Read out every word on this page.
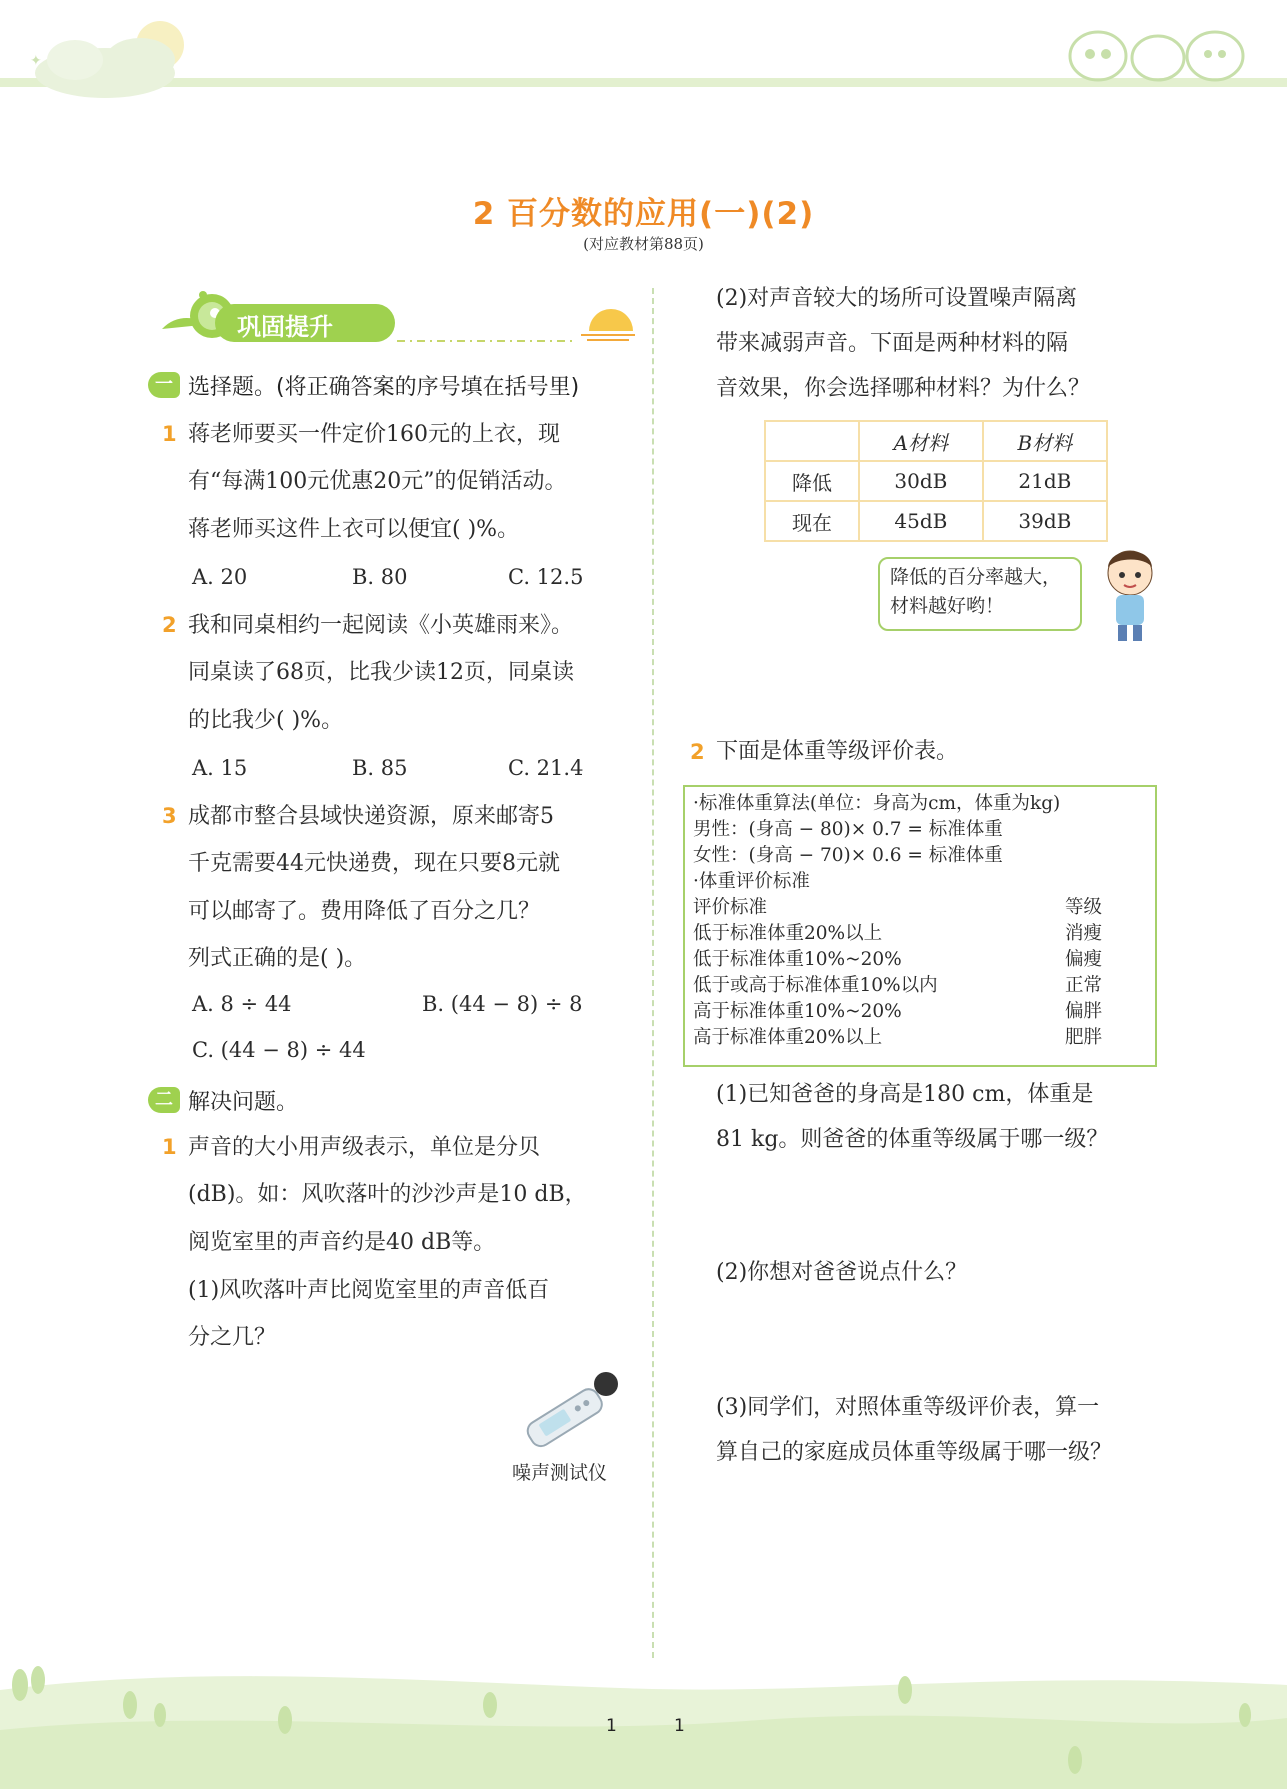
✦
2 百分数的应用(一)(2)
(对应教材第88页)
巩固提升
一 选择题。(将正确答案的序号填在括号里)
1 蒋老师要买一件定价160元的上衣，现
有“每满100元优惠20元”的促销活动。
蒋老师买这件上衣可以便宜( )%。
A. 20	B. 80	C. 12.5
2 我和同桌相约一起阅读《小英雄雨来》。
同桌读了68页，比我少读12页，同桌读
的比我少( )%。
A. 15	B. 85	C. 21.4
3 成都市整合县域快递资源，原来邮寄5
千克需要44元快递费，现在只要8元就
可以邮寄了。费用降低了百分之几？
列式正确的是( )。
A. 8 ÷ 44	B. (44 − 8) ÷ 8
C. (44 − 8) ÷ 44
二 解决问题。
1 声音的大小用声级表示，单位是分贝
(dB)。如：风吹落叶的沙沙声是10 dB，
阅览室里的声音约是40 dB等。
(1)风吹落叶声比阅览室里的声音低百
分之几？
噪声测试仪
(2)对声音较大的场所可设置噪声隔离
带来减弱声音。下面是两种材料的隔
音效果，你会选择哪种材料？为什么？
	A材料	B材料
降低	30dB	21dB
现在	45dB	39dB
降低的百分率越大，
材料越好哟！
2 下面是体重等级评价表。
·标准体重算法(单位：身高为cm，体重为kg)
男性：(身高 − 80)× 0.7 = 标准体重
女性：(身高 − 70)× 0.6 = 标准体重
·体重评价标准
评价标准	等级
低于标准体重20%以上	消瘦
低于标准体重10%~20%	偏瘦
低于或高于标准体重10%以内	正常
高于标准体重10%~20%	偏胖
高于标准体重20%以上	肥胖
(1)已知爸爸的身高是180 cm，体重是
81 kg。则爸爸的体重等级属于哪一级？
(2)你想对爸爸说点什么？
(3)同学们，对照体重等级评价表，算一
算自己的家庭成员体重等级属于哪一级？
1	1
